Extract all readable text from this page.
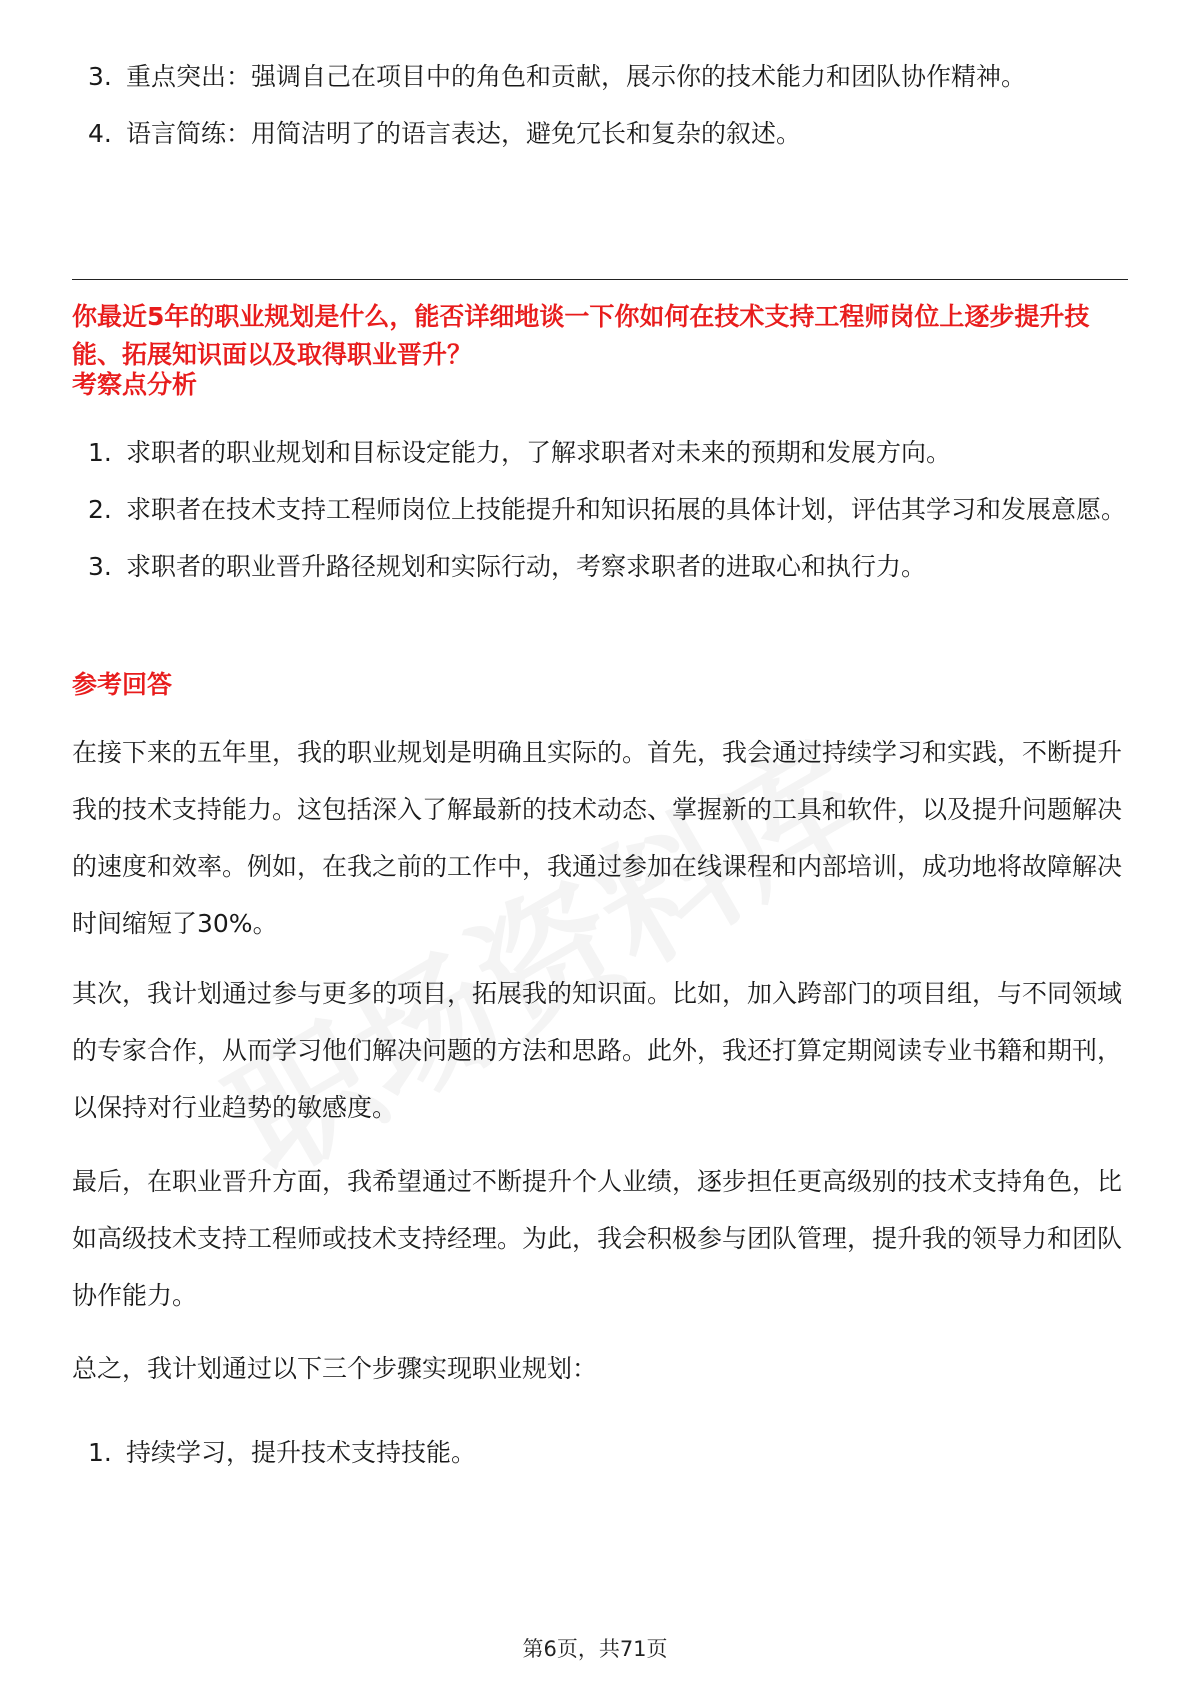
3. 重点突出：强调自己在项目中的角色和贡献，展示你的技术能力和团队协作精神。
4. 语言简练：用简洁明了的语言表达，避免冗长和复杂的叙述。
你最近5年的职业规划是什么，能否详细地谈一下你如何在技术支持工程师岗位上逐步提升技能、拓展知识面以及取得职业晋升？
考察点分析
1. 求职者的职业规划和目标设定能力，了解求职者对未来的预期和发展方向。
2. 求职者在技术支持工程师岗位上技能提升和知识拓展的具体计划，评估其学习和发展意愿。
3. 求职者的职业晋升路径规划和实际行动，考察求职者的进取心和执行力。
参考回答

在接下来的五年里，我的职业规划是明确且实际的。首先，我会通过持续学习和实践，不断提升我的技术支持能力。这包括深入了解最新的技术动态、掌握新的工具和软件，以及提升问题解决的速度和效率。例如，在我之前的工作中，我通过参加在线课程和内部培训，成功地将故障解决时间缩短了30%。

其次，我计划通过参与更多的项目，拓展我的知识面。比如，加入跨部门的项目组，与不同领域的专家合作，从而学习他们解决问题的方法和思路。此外，我还打算定期阅读专业书籍和期刊，以保持对行业趋势的敏感度。

最后，在职业晋升方面，我希望通过不断提升个人业绩，逐步担任更高级别的技术支持角色，比如高级技术支持工程师或技术支持经理。为此，我会积极参与团队管理，提升我的领导力和团队协作能力。

总之，我计划通过以下三个步骤实现职业规划：

1. 持续学习，提升技术支持技能。
第6页，共71页
